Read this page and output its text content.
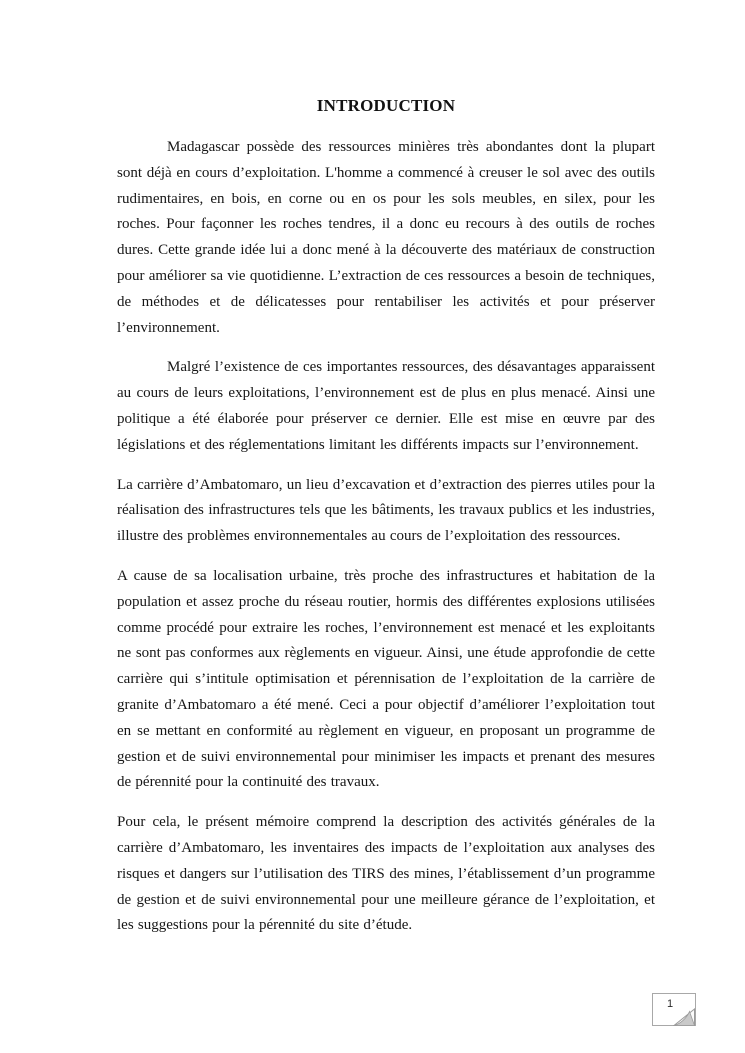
INTRODUCTION

Madagascar possède des ressources minières très abondantes dont la plupart sont déjà en cours d’exploitation. L'homme a commencé à creuser le sol avec des outils rudimentaires, en bois, en corne ou en os pour les sols meubles, en silex, pour les roches. Pour façonner les roches tendres, il a donc eu recours à des outils de roches dures. Cette grande idée lui a donc mené à la découverte des matériaux de construction pour améliorer sa vie quotidienne. L’extraction de ces ressources a besoin de techniques, de méthodes et de délicatesses pour rentabiliser les activités et pour préserver l’environnement.

Malgré l’existence de ces importantes ressources, des désavantages apparaissent au cours de leurs exploitations, l’environnement est de plus en plus menacé. Ainsi une politique a été élaborée pour préserver ce dernier. Elle est mise en œuvre par des législations et des réglementations limitant les différents impacts sur l’environnement.

La carrière d’Ambatomaro, un lieu d’excavation et d’extraction des pierres utiles pour la réalisation des infrastructures tels que les bâtiments, les travaux publics et les industries, illustre des problèmes environnementales au cours de l’exploitation des ressources.

A cause de sa localisation urbaine, très proche des infrastructures et habitation de la population et assez proche du réseau routier, hormis des différentes explosions utilisées comme procédé pour extraire les roches, l’environnement est menacé et les exploitants ne sont pas conformes aux règlements en vigueur. Ainsi, une étude approfondie de cette carrière qui s’intitule optimisation et pérennisation de l’exploitation de la carrière de granite d’Ambatomaro a été mené. Ceci a pour objectif d’améliorer l’exploitation tout en se mettant en conformité au règlement en vigueur, en proposant un programme de gestion et de suivi environnemental pour minimiser les impacts et prenant des mesures de pérennité pour la continuité des travaux.

Pour cela, le présent mémoire comprend la description des activités générales de la carrière d’Ambatomaro, les inventaires des impacts de l’exploitation aux analyses des risques et dangers sur l’utilisation des TIRS des mines, l’établissement d’un programme de gestion et de suivi environnemental pour une meilleure gérance de l’exploitation, et les suggestions pour la pérennité du site d’étude.

1
